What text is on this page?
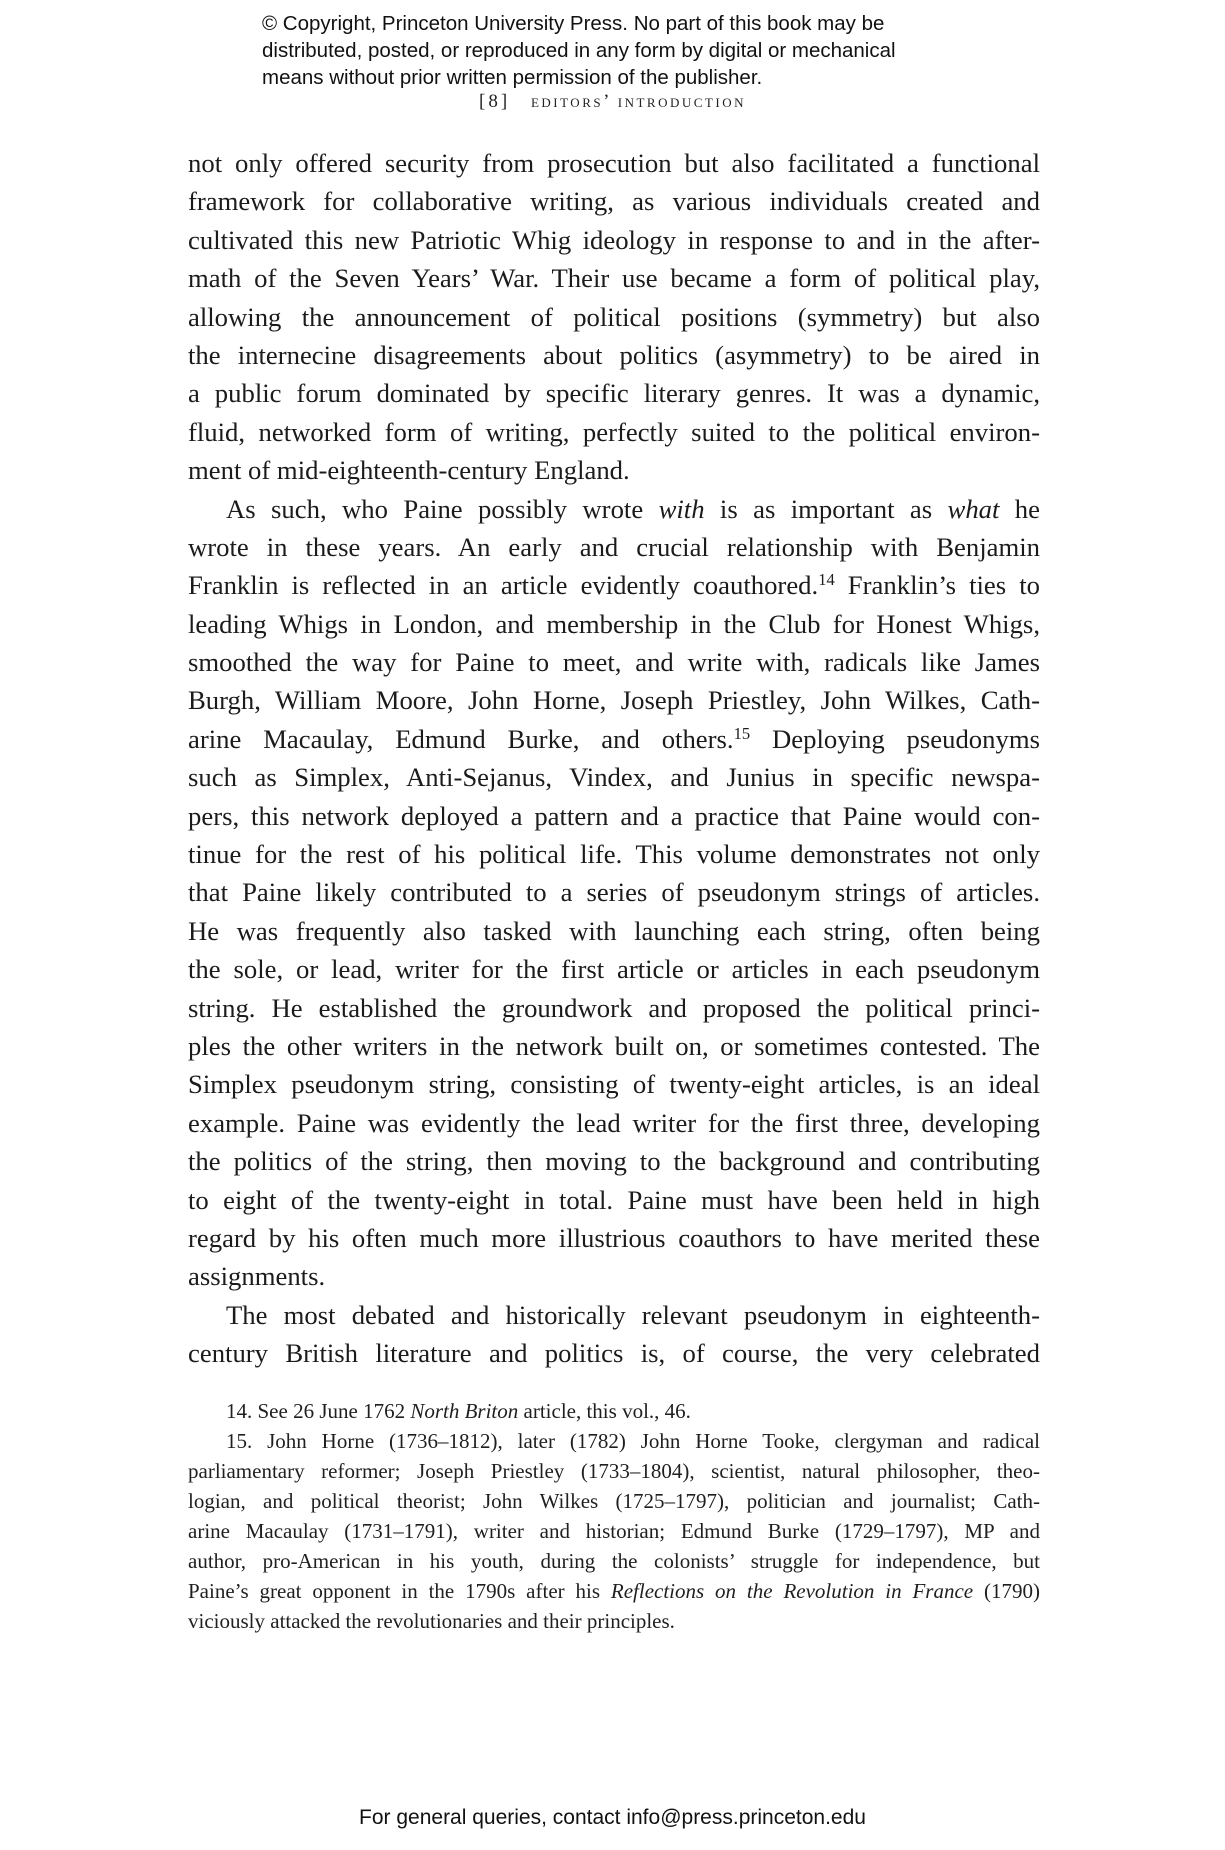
© Copyright, Princeton University Press. No part of this book may be
distributed, posted, or reproduced in any form by digital or mechanical
means without prior written permission of the publisher.
[8] editors’ introduction
not only offered security from prosecution but also facilitated a functional
framework for collaborative writing, as various individuals created and
cultivated this new Patriotic Whig ideology in response to and in the after-
math of the Seven Years’ War. Their use became a form of political play,
allowing the announcement of political positions (symmetry) but also
the internecine disagreements about politics (asymmetry) to be aired in
a public forum dominated by specific literary genres. It was a dynamic,
fluid, networked form of writing, perfectly suited to the political environ-
ment of mid-eighteenth-century England.
As such, who Paine possibly wrote with is as important as what he
wrote in these years. An early and crucial relationship with Benjamin
Franklin is reflected in an article evidently coauthored.$^{14}$ Franklin’s ties to
leading Whigs in London, and membership in the Club for Honest Whigs,
smoothed the way for Paine to meet, and write with, radicals like James
Burgh, William Moore, John Horne, Joseph Priestley, John Wilkes, Cath-
arine Macaulay, Edmund Burke, and others.$^{15}$ Deploying pseudonyms
such as Simplex, Anti-Sejanus, Vindex, and Junius in specific newspa-
pers, this network deployed a pattern and a practice that Paine would con-
tinue for the rest of his political life. This volume demonstrates not only
that Paine likely contributed to a series of pseudonym strings of articles.
He was frequently also tasked with launching each string, often being
the sole, or lead, writer for the first article or articles in each pseudonym
string. He established the groundwork and proposed the political princi-
ples the other writers in the network built on, or sometimes contested. The
Simplex pseudonym string, consisting of twenty-eight articles, is an ideal
example. Paine was evidently the lead writer for the first three, developing
the politics of the string, then moving to the background and contributing
to eight of the twenty-eight in total. Paine must have been held in high
regard by his often much more illustrious coauthors to have merited these
assignments.
The most debated and historically relevant pseudonym in eighteenth-
century British literature and politics is, of course, the very celebrated
14. See 26 June 1762 North Briton article, this vol., 46.
15. John Horne (1736–1812), later (1782) John Horne Tooke, clergyman and radical
parliamentary reformer; Joseph Priestley (1733–1804), scientist, natural philosopher, theo-
logian, and political theorist; John Wilkes (1725–1797), politician and journalist; Cath-
arine Macaulay (1731–1791), writer and historian; Edmund Burke (1729–1797), MP and
author, pro-American in his youth, during the colonists’ struggle for independence, but
Paine’s great opponent in the 1790s after his Reflections on the Revolution in France (1790)
viciously attacked the revolutionaries and their principles.
For general queries, contact info@press.princeton.edu
